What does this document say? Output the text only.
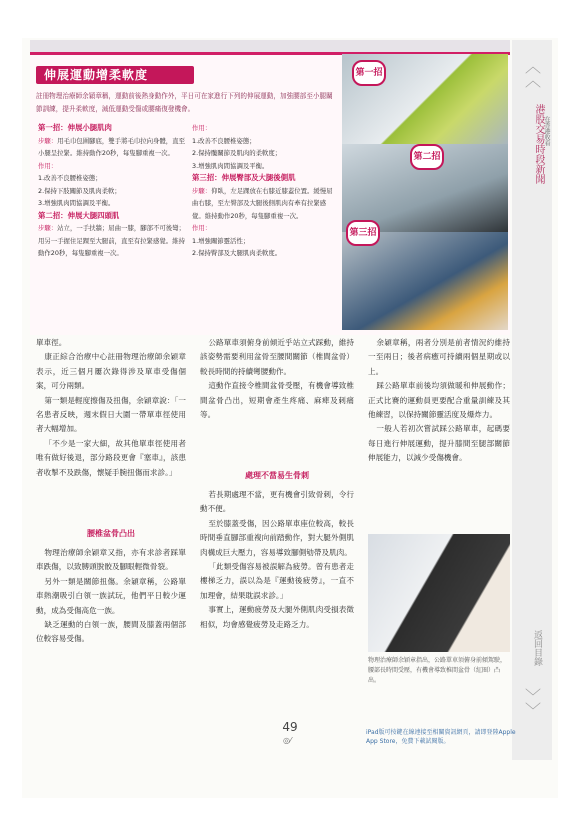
伸展運動增柔軟度
註冊物理治療師余穎章稱，運動前後熱身動作外，平日可在家進行下列的伸展運動，加強腰部至小腿關節訓練，提升柔軟度，減低運動受傷或腰痛復發機會。
第一招：伸展小腿肌肉
步驟：用毛巾包圍腳底，雙手將毛巾拉向身體，直至小腿呈拉緊。維持動作20秒，每隻腳重複一次。
作用：
1.改善不良腰椎姿態；
2.保持下肢關節及肌肉柔軟；
3.增強肌肉間協調及平衡。
第二招：伸展大腿四頭肌
步驟：站立，一手扶牆；屈曲一膝，腳部不可後彎；用另一手握住足踝至大腿前，直至有拉緊感覺。維持動作20秒，每隻腳重複一次。
作用：
1.改善不良腰椎姿態；
2.保持髖關節及肌肉的柔軟度；
3.增強肌肉間協調及平衡。
第三招：伸展臀部及大腿後側肌
步驟：仰臥，左足踝放在右膝近膝蓋位置。緩慢屈曲右膝，至左臀部及大腿後側肌肉有牽有拉緊感覺。維持動作20秒，每隻腳重複一次。
作用：
1.增強關節靈活性；
2.保持臀部及大腿肌肉柔軟度。
第一招
第二招
第三招
︿
︿
港股交易時段新聞 在香港收看
返回目錄
﹀
﹀

單車徑。

康正綜合治療中心註冊物理治療師余穎章表示，近三個月屢次錄得涉及單車受傷個案，可分兩類。

第一類是輕度擦傷及扭傷，余穎章說：「一名患者反映，週末假日大圍一帶單車徑使用者大幅增加。

「不少是一家大細，故其他單車徑使用者唯有做好後退，部分路段更會『塞車』，該患者收掣不及跌傷，懷疑手腕扭傷而求診。」

腰椎盆骨凸出

物理治療師余穎章又指，亦有求診者踩單車跌傷，以致膊頭脫骹及腳眼輕微骨裂。

另外一類是關節扭傷。余穎章稱，公路單車熱潮吸引白領一族試玩，他們平日較少運動，成為受傷高危一族。

缺乏運動的白領一族，腰間及膝蓋兩個部位較容易受傷。

公路單車須俯身前傾近乎站立式踩動，維持該姿勢需要利用盆骨至腰間關節（椎間盆骨）較長時間的持續彎腰動作。

這動作直接令椎間盆骨受壓，有機會導致椎間盆骨凸出，短期會產生疼痛、麻痺及刺痛等。

處理不當易生骨刺

若長期處理不當，更有機會引致骨刺，令行動不便。

至於膝蓋受傷，因公路單車座位較高，較長時間垂直腳部重複向前踏動作，對大腿外側肌肉構成巨大壓力，容易導致腳側劬帶及肌肉。

「此類受傷容易被誤解為疲勞。曾有患者走樓梯乏力，誤以為是『運動後疲勞』，一直不加理會，結果耽誤求診。」

事實上，運動疲勞及大腿外側肌肉受損表徵相似，均會感覺疲勞及走路乏力。

余穎章稱，兩者分別是前者情況約維持一至兩日；後者病癒可持續兩個星期或以上。

踩公路單車前後均須做暖和伸展動作；正式比賽的運動員更要配合重量訓練及其他練習，以保持關節靈活度及爆炸力。

一般人若初次嘗試踩公路單車，起碼要每日進行伸展運動，提升膝間至腿部關節伸展能力，以減少受傷機會。

物理治療師余穎章指出，公路單車須俯身前傾駕駛，腰部長時間受壓，有機會導致椎間盆骨（紅圈）凸出。
49
◎⁄
iPad版可按鍵在線連接至相關資訊網頁，請即登陸Apple App Store，免費下載試閱版。
